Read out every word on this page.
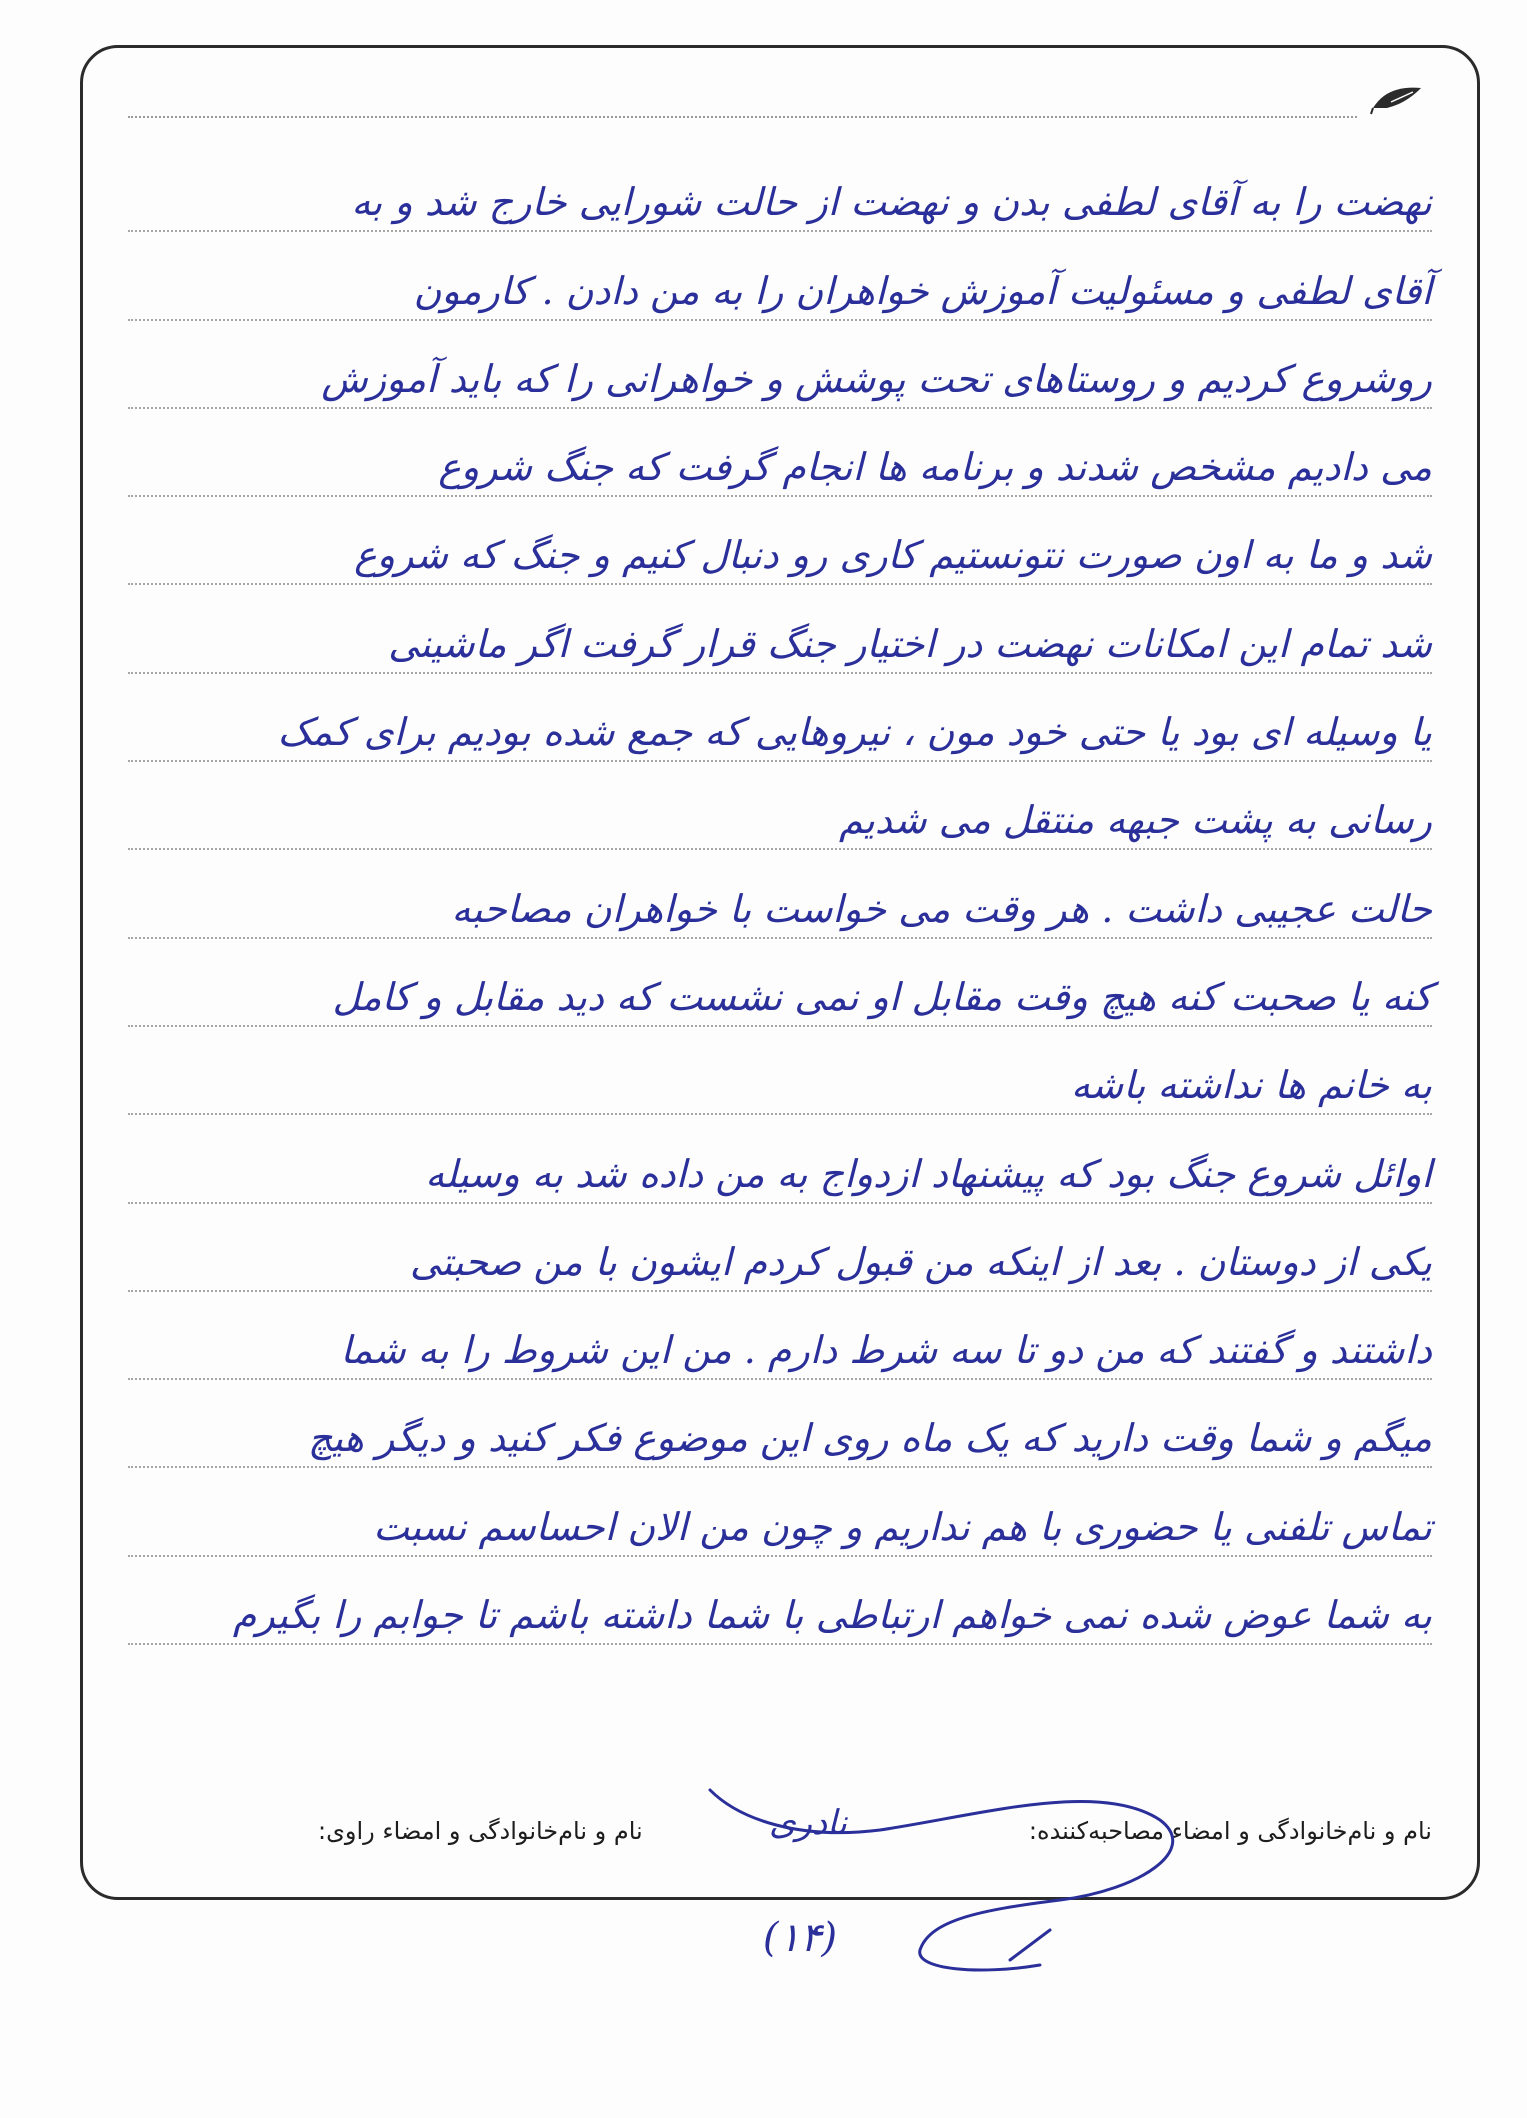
نهضت را به آقای لطفی بدن و نهضت از حالت شورایی خارج شد و به
آقای لطفی و مسئولیت آموزش خواهران را به من دادن . کارمون
روشروع کردیم و روستاهای تحت پوشش و خواهرانی را که باید آموزش
می دادیم مشخص شدند و برنامه ها انجام گرفت که جنگ شروع
شد و ما به اون صورت نتونستیم کاری رو دنبال کنیم و جنگ که شروع
شد تمام این امکانات نهضت در اختیار جنگ قرار گرفت اگر ماشینی
یا وسیله ای بود یا حتی خود مون ، نیروهایی که جمع شده بودیم برای کمک
رسانی به پشت جبهه منتقل می شدیم
حالت عجیبی داشت . هر وقت می خواست با خواهران مصاحبه
کنه یا صحبت کنه هیچ وقت مقابل او نمی نشست که دید مقابل و کامل
به خانم ها نداشته باشه
اوائل شروع جنگ بود که پیشنهاد ازدواج به من داده شد به وسیله
یکی از دوستان . بعد از اینکه من قبول کردم ایشون با من صحبتی
داشتند و گفتند که من دو تا سه شرط دارم . من این شروط را به شما
میگم و شما وقت دارید که یک ماه روی این موضوع فکر کنید و دیگر هیچ
تماس تلفنی یا حضوری با هم نداریم و چون من الان احساسم نسبت
به شما عوض شده نمی خواهم ارتباطی با شما داشته باشم تا جوابم را بگیرم
نام و نام‌خانوادگی و امضاء مصاحبه‌کننده:
نادری
نام و نام‌خانوادگی و امضاء راوی:
(۱۴)
